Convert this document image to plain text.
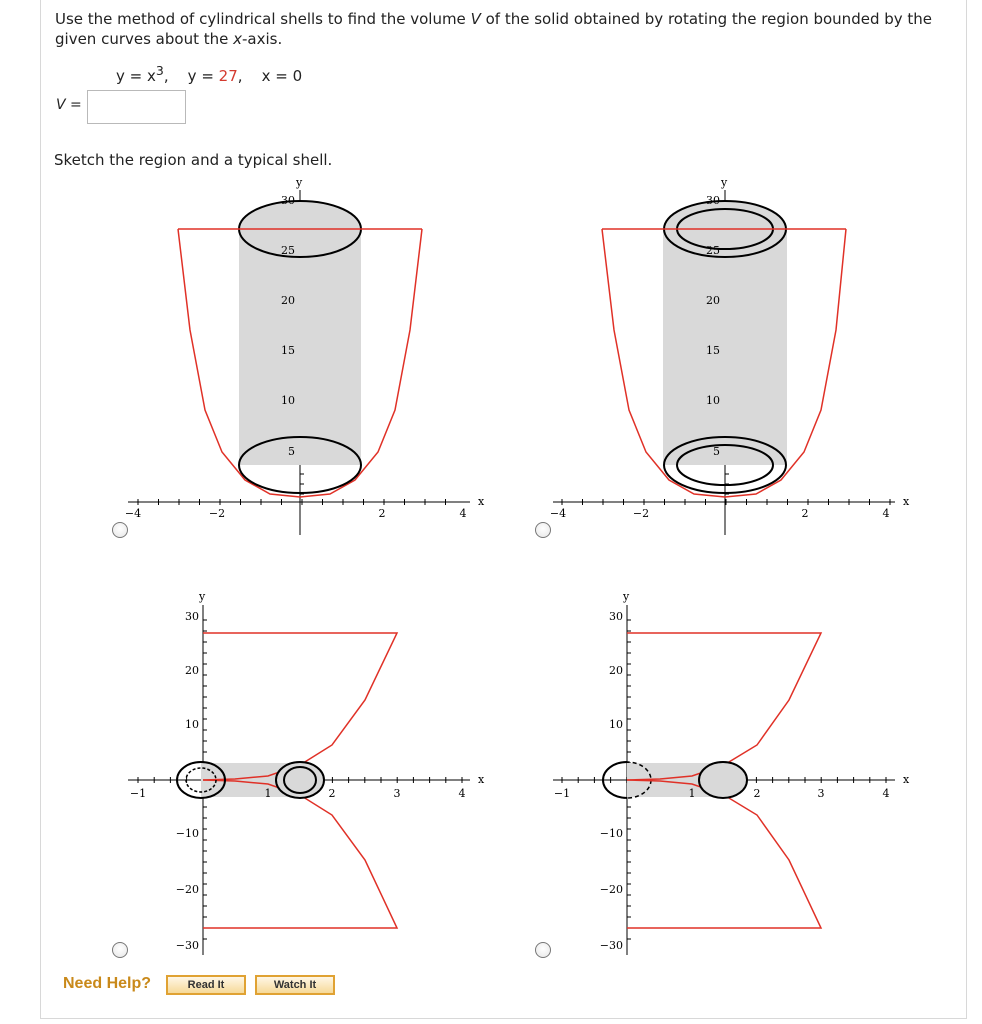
Use the method of cylindrical shells to find the volume V of the solid obtained by rotating the region bounded by the given curves about the x-axis.
$y = x^3$, y = 27, x = 0
V =
Sketch the region and a typical shell.
y
x
−4	−2	2	4
5
10
15
20
25
30
y
x
−4	−2	2	4
5
10
15
20
25
30
y
x
−1	1	2	3	4
−30
−20
−10
10
20
30
y
x
−1	1	2	3	4
−30
−20
−10
10
20
30
Need Help?	Read It	Watch It
